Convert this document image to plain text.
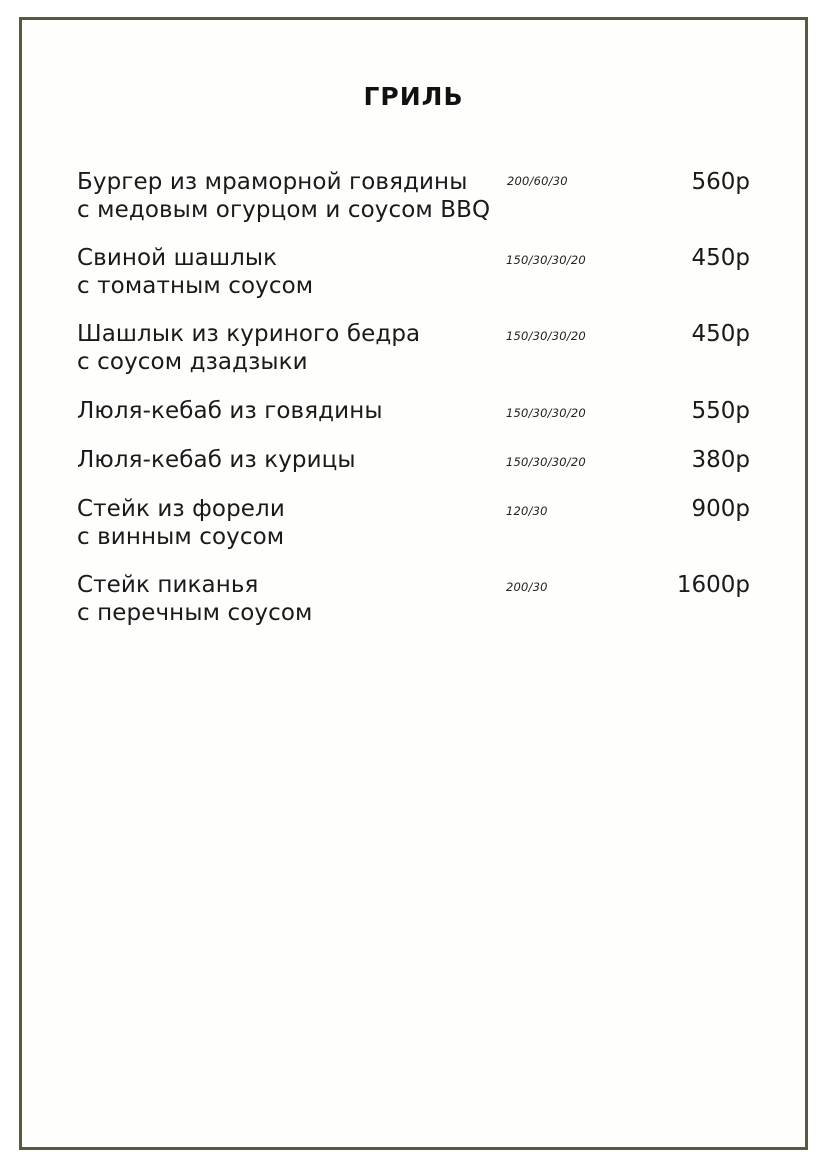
ГРИЛЬ
Бургер из мраморной говядины
с медовым огурцом и соусом BBQ
200/60/30	560р
Свиной шашлык
с томатным соусом
150/30/30/20	450р
Шашлык из куриного бедра
с соусом дзадзыки
150/30/30/20	450р
Люля-кебаб из говядины	150/30/30/20	550р
Люля-кебаб из курицы	150/30/30/20	380р
Стейк из форели
с винным соусом
120/30	900р
Стейк пиканья
с перечным соусом
200/30	1600р
